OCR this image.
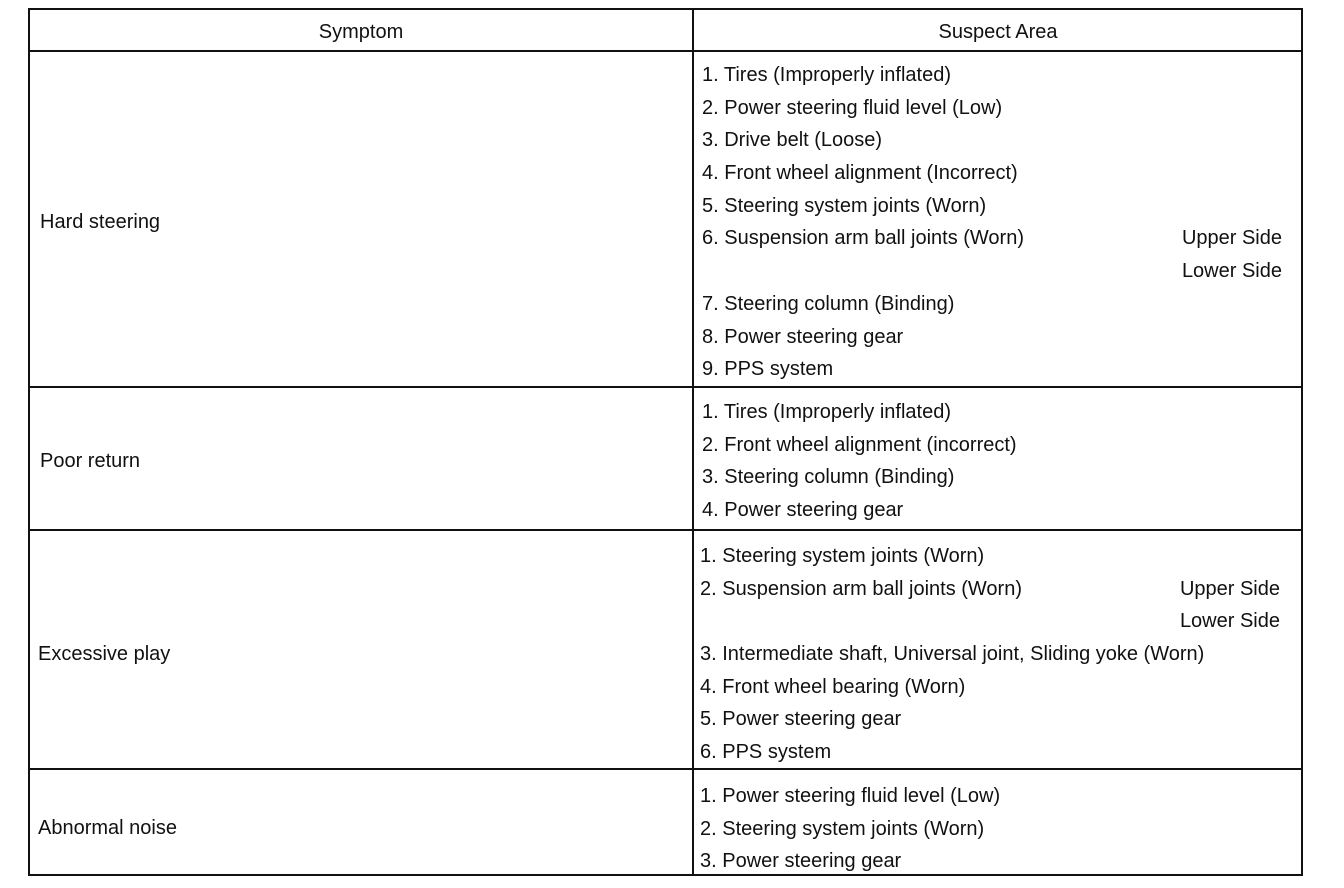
Symptom	Suspect Area
Hard steering
1. Tires (Improperly inflated)
2. Power steering fluid level (Low)
3. Drive belt (Loose)
4. Front wheel alignment (Incorrect)
5. Steering system joints (Worn)
6. Suspension arm ball joints (Worn)	Upper Side
Lower Side
7. Steering column (Binding)
8. Power steering gear
9. PPS system
Poor return
1. Tires (Improperly inflated)
2. Front wheel alignment (incorrect)
3. Steering column (Binding)
4. Power steering gear
Excessive play
1. Steering system joints (Worn)
2. Suspension arm ball joints (Worn)	Upper Side
Lower Side
3. Intermediate shaft, Universal joint, Sliding yoke (Worn)
4. Front wheel bearing (Worn)
5. Power steering gear
6. PPS system
Abnormal noise
1. Power steering fluid level (Low)
2. Steering system joints (Worn)
3. Power steering gear
